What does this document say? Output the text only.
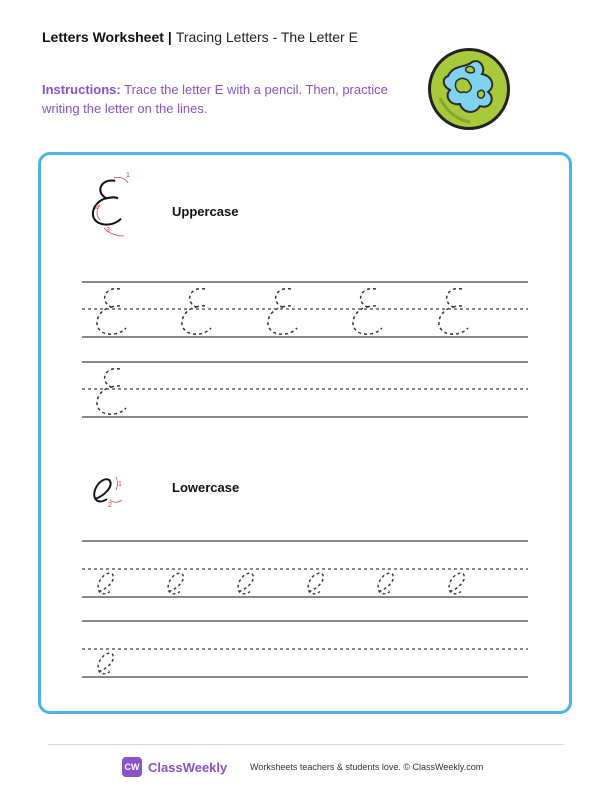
Letters Worksheet | Tracing Letters - The Letter E
Instructions: Trace the letter E with a pencil. Then, practice writing the letter on the lines.
1
2
3
1
2
Uppercase
Lowercase
CW ClassWeekly	Worksheets teachers & students love. © ClassWeekly.com
